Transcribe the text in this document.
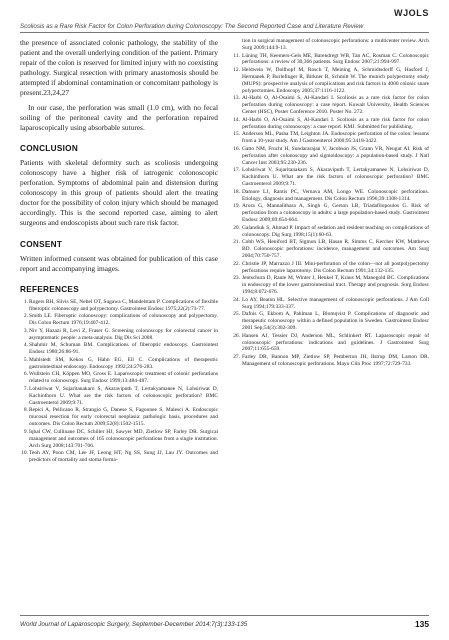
WJOLS
Scoliosis as a Rare Risk Factor for Colon Perforation during Colonoscopy: The Second Reported Case and Literature Review

the presence of associated colonic pathology, the stability of the patient and the overall underlying condition of the patient. Primary repair of the colon is reserved for limited injury with no coexisting pathology. Surgical resection with primary anastomosis should be attempted if abdominal contamination or concomitant pathology is present.23,24,27

In our case, the perforation was small (1.0 cm), with no fecal soiling of the peritoneal cavity and the perforation repaired laparoscopically using absorbable sutures.

CONCLUSION

Patients with skeletal deformity such as scoliosis undergoing colonoscopy have a higher risk of iatrogenic colonoscopic perforation. Symptoms of abdominal pain and distension during colonoscopy in this group of patients should alert the treating doctor for the possibility of colon injury which should be managed accordingly. This is the second reported case, aiming to alert surgeons and endoscopists about such rare risk factor.

CONSENT

Written informed consent was obtained for publication of this case report and accompanying images.

REFERENCES
1. Rogers BH, Silvis SE, Nebel OT, Sugawa C, Mandelstam P. Complications of flexible fiberoptic colonoscopy and polypectomy. Gastrointest Endosc 1975;22(2):73-77.
2. Smith LE. Fiberoptic colonoscopy: complications of colonoscopy and polypectomy. Dis Colon Rectum 1976;19:407-412.
3. Niv Y, Hazazi R, Levi Z, Fraser G. Screening colonoscopy for colorectal cancer in asymptomatic people: a meta-analysis. Dig Dis Sci 2008.
4. Shahmir M, Schuman BM. Complications of fiberoptic endoscopy. Gastrointest Endosc 1980;26:86-91.
5. Mahlstedt SM, Kekos G, Hahn EG, Ell C. Complications of therapeutic gastrointestinal endoscopy. Endoscopy 1992;24:276-283.
6. Wullstein CH, Köppen MO, Gross E. Laparoscopic treatment of colonic perforations related to colonoscopy. Surg Endosc 1999;13:484-487.
7. Lohsiriwat V, Sujaritanakarn S, Akaraviputh T, Lertakyamanee N, Lohsiriwat D, Kachinthorn U. What are the risk factors of colonoscopic perforation? BMC Gastroenterol 2009;9:71.
8. Repici A, Pellicano R, Strangio G, Danese S, Fagoonee S, Malesci A. Endoscopic mucosal resection for early colorectal neoplasia: pathologic basis, procedures and outcomes. Dis Colon Rectum 2009;52(8):1502-1515.
9. Iqbal CW, Cullinane DC, Schiller HJ, Sawyer MD, Zietlow SP, Farley DR. Surgical management and outcomes of 165 colonoscopic perforations from a single institution. Arch Surg 2008;143:701-706.
10. Teoh AY, Poon CM, Lee JF, Leong HT, Ng SS, Sung JJ, Lau JY. Outcomes and predictors of mortality and stoma forma-
tion in surgical management of colonoscopic perforations: a multicenter review. Arch Surg 2009;144:9-13.
11. Lüning TH, Keemers-Gels ME, Barendregt WB, Tan AC, Rosman C. Colonoscopic perforations: a review of 30,366 patients. Surg Endosc 2007;21:994-997.
12. Heldwein W, Dollhopf M, Rosch T, Meining A, Schmidtsdorff G, Hasford J, Hermanek P, Burlefinger R, Birkner B, Schmitt W. The munich polypectomy study (MUPS): prospective analysis of complications and risk factors in 4000 colonic snare polypectomies. Endoscopy 2005;37:1116-1122.
13. Al-Harbi O, Al-Osaimi S, Al-Kandari I. Scoliosis as a rare risk factor for colon perforation during colonoscopy: a case report. Kuwait University, Health Sciences Center (HSC), Poster Conference 2010. Poster No. 272.
14. Al-Harbi O, Al-Osaimi S, Al-Kandari I. Scoliosis as a rare risk factor for colon perforation during colonoscopy: a case report. KMJ. Submitted for publishing.
15. Anderson ML, Pasha TM, Leighton JA. Endoscopic perforation of the colon: lessons from a 10-year study. Am J Gastroenterol 2000;95:3418-3422.
16. Gatto NM, Frucht H, Sundararajan V, Jacobson JS, Grann VR, Neugut AI. Risk of perforation after colonoscopy and sigmoidoscopy: a population-based study. J Natl Cancer Inst 2003;95:230-236.
17. Lohsiriwat V, Sujaritanakarn S, Akaraviputh T, Lertakyamanee N, Lohsiriwat D, Kachinthorn U. What are the risk factors of colonoscopic perforation? BMC Gastroenterol 2009;9:71.
18. Damore LJ, Rantis PC, Vernava AM, Longo WE. Colonoscopic perforations. Etiology, diagnosis and management. Dis Colon Rectum 1996;39:1308-1314.
19. Arora G, Mannalithara A, Singh G, Gerson LB, Triadafilopoulos G. Risk of perforation from a colonoscopy in adults: a large population-based study. Gastrointest Endosc 2009;69:654-664.
20. Galandiuk S, Ahmad P. Impact of sedation and resident teaching on complications of colonoscopy. Dig Surg 1998;15(1):60-63.
21. Cobb WS, Heniford BT, Sigmon LB, Hasan R, Simms C, Kercher KW, Matthews BD. Colonoscopic perforations: incidence, management and outcomes. Am Surg 2004;70:750-757.
22. Christie JP, Marrazzo J III. Mini-perforation of the colon—not all postpolypectomy perforations require laparotomy. Dis Colon Rectum 1991;34:132-135.
23. Jentschura D, Raute M, Winter J, Henkel T, Kraus M, Manegold BC. Complications in endoscopy of the lower gastrointestinal tract. Therapy and prognosis. Surg Endosc 1994;8:672-676.
24. Lo AY, Beaton HL. Selective management of colonoscopic perforations. J Am Coll Surg 1994;179:333-337.
25. Dafnis G, Ekbom A, Pahlman L, Blomqvist P. Complications of diagnostic and therapeutic colonoscopy within a defined population in Sweden. Gastrointest Endosc 2001 Sep;54(3):302-309.
26. Hansen AJ, Tessier DJ, Anderson ML, Schlinkert RT. Laparoscopic repair of colonoscopic perforations: indications and guidelines. J Gastrointest Surg 2007;11:655-659.
27. Farley DR, Bannon MP, Zietlow SP, Pemberton JH, Ilstrup DM, Larson DR. Management of colonoscopic perforations. Mayo Clin Proc 1997;72:729-733.
World Journal of Laparoscopic Surgery, September-December 2014;7(3):133-135	135
